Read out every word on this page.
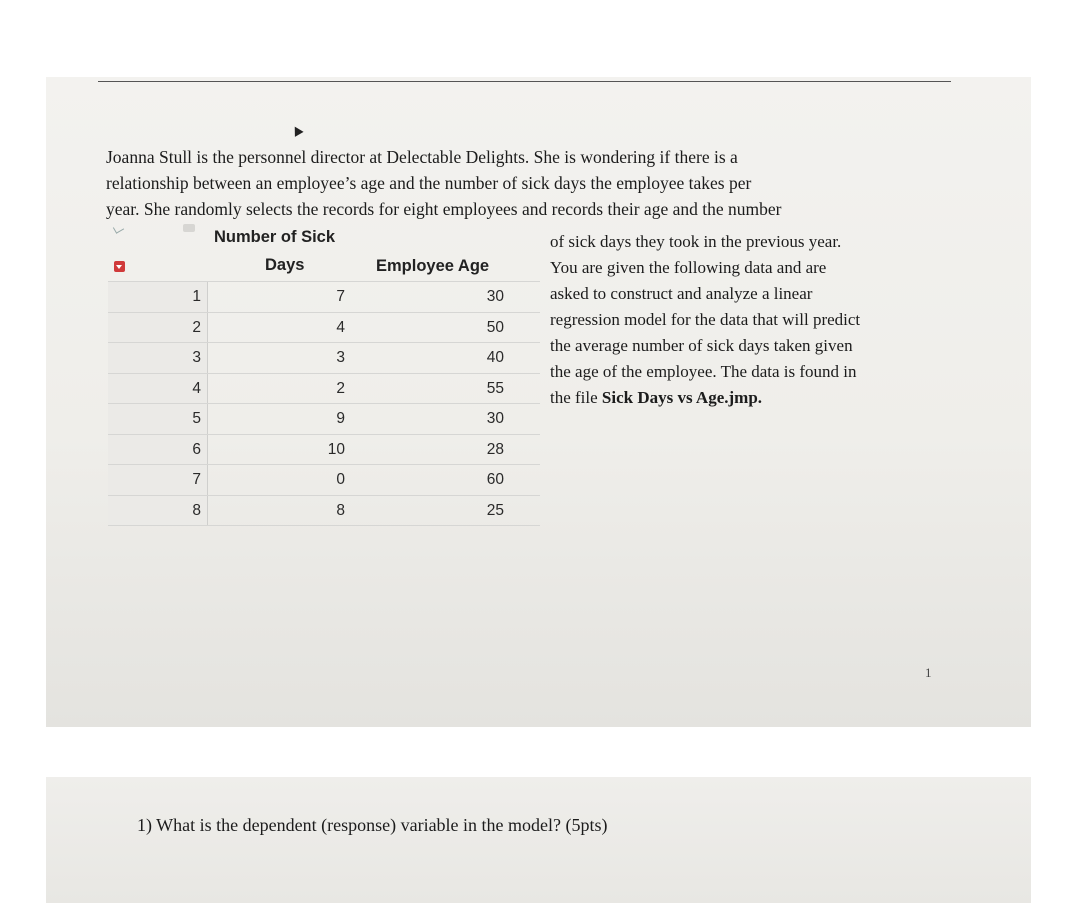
Joanna Stull is the personnel director at Delectable Delights. She is wondering if there is a
relationship between an employee’s age and the number of sick days the employee takes per
year. She randomly selects the records for eight employees and records their age and the number
Number of Sick
Days	Employee Age
1	7	30
2	4	50
3	3	40
4	2	55
5	9	30
6	10	28
7	0	60
8	8	25
of sick days they took in the previous year.
You are given the following data and are
asked to construct and analyze a linear
regression model for the data that will predict
the average number of sick days taken given
the age of the employee. The data is found in
the file Sick Days vs Age.jmp.
1
1) What is the dependent (response) variable in the model? (5pts)
